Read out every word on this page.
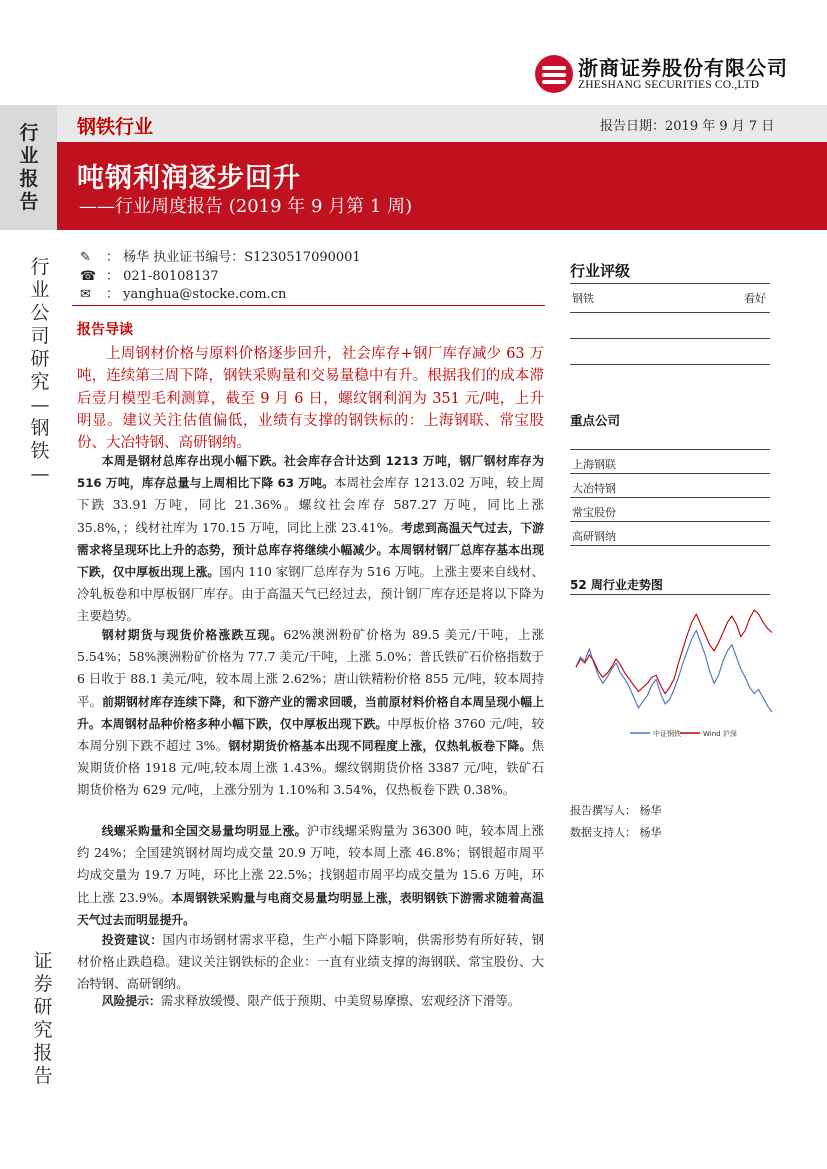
浙商证券股份有限公司
ZHESHANG SECURITIES CO.,LTD
行业报告
行业公司研究—钢铁—
证券研究报告
钢铁行业	报告日期：2019 年 9 月 7 日
吨钢利润逐步回升
——行业周度报告 (2019 年 9 月第 1 周)
✎ ： 杨华 执业证书编号：S1230517090001
☎ ： 021-80108137
✉ ： yanghua@stocke.com.cn
报告导读
上周钢材价格与原料价格逐步回升，社会库存+钢厂库存减少 63 万吨，连续第三周下降，钢铁采购量和交易量稳中有升。根据我们的成本滞后壹月模型毛利测算，截至 9 月 6 日，螺纹钢利润为 351 元/吨，上升明显。建议关注估值偏低，业绩有支撑的钢铁标的：上海钢联、常宝股份、大冶特钢、高研钢纳。
本周是钢材总库存出现小幅下跌。社会库存合计达到 1213 万吨，钢厂钢材库存为 516 万吨，库存总量与上周相比下降 63 万吨。本周社会库存 1213.02 万吨，较上周下跌 33.91 万吨，同比 21.36%。螺纹社会库存 587.27 万吨，同比上涨 35.8%，；线材社库为 170.15 万吨，同比上涨 23.41%。考虑到高温天气过去，下游需求将呈现环比上升的态势，预计总库存将继续小幅减少。本周钢材钢厂总库存基本出现下跌，仅中厚板出现上涨。国内 110 家钢厂总库存为 516 万吨。上涨主要来自线材、冷轧板卷和中厚板钢厂库存。由于高温天气已经过去，预计钢厂库存还是将以下降为主要趋势。
钢材期货与现货价格涨跌互现。62%澳洲粉矿价格为 89.5 美元/干吨，上涨 5.54%；58%澳洲粉矿价格为 77.7 美元/干吨，上涨 5.0%；普氏铁矿石价格指数于 6 日收于 88.1 美元/吨，较本周上涨 2.62%；唐山铁精粉价格 855 元/吨，较本周持平。前期钢材库存连续下降，和下游产业的需求回暖，当前原材料价格自本周呈现小幅上升。本周钢材品种价格多种小幅下跌，仅中厚板出现下跌。中厚板价格 3760 元/吨，较本周分别下跌不超过 3%。钢材期货价格基本出现不同程度上涨，仅热轧板卷下降。焦炭期货价格 1918 元/吨,较本周上涨 1.43%。螺纹钢期货价格 3387 元/吨，铁矿石期货价格为 629 元/吨，上涨分别为 1.10%和 3.54%，仅热板卷下跌 0.38%。
线螺采购量和全国交易量均明显上涨。沪市线螺采购量为 36300 吨，较本周上涨约 24%；全国建筑钢材周均成交量 20.9 万吨，较本周上涨 46.8%；钢银超市周平均成交量为 19.7 万吨，环比上涨 22.5%；找钢超市周平均成交量为 15.6 万吨，环比上涨 23.9%。本周钢铁采购量与电商交易量均明显上涨，表明钢铁下游需求随着高温天气过去而明显提升。
投资建议：国内市场钢材需求平稳，生产小幅下降影响，供需形势有所好转，钢材价格止跌趋稳。建议关注钢铁标的企业：一直有业绩支撑的海钢联、常宝股份、大冶特钢、高研钢纳。
风险提示：需求释放缓慢、限产低于预期、中美贸易摩擦、宏观经济下滑等。
行业评级
钢铁	看好
重点公司
上海钢联
大冶特钢
常宝股份
高研钢纳
52 周行业走势图
中证钢铁	Wind 沪深
报告撰写人： 杨华
数据支持人： 杨华
